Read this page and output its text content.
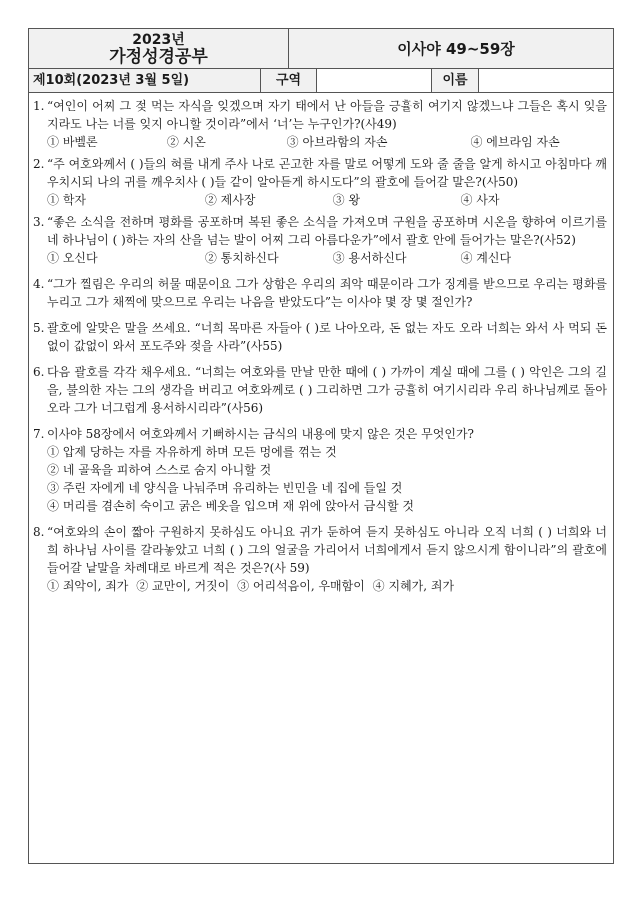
2023년
가정성경공부	이사야 49~59장
제10회(2023년 3월 5일)	구역	이름
1. “여인이 어찌 그 젖 먹는 자식을 잊겠으며 자기 태에서 난 아들을 긍휼히 여기지 않겠느냐 그들은 혹시 잊을지라도 나는 너를 잊지 아니할 것이라”에서 ‘너’는 누구인가?(사49)
① 바벨론	② 시온	③ 아브라함의 자손	④ 에브라임 자손
2. “주 여호와께서 ( )들의 혀를 내게 주사 나로 곤고한 자를 말로 어떻게 도와 줄 줄을 알게 하시고 아침마다 깨우치시되 나의 귀를 깨우치사 ( )들 같이 알아듣게 하시도다”의 괄호에 들어갈 말은?(사50)
① 학자	② 제사장	③ 왕	④ 사자
3. “좋은 소식을 전하며 평화를 공포하며 복된 좋은 소식을 가져오며 구원을 공포하며 시온을 향하여 이르기를 네 하나님이 ( )하는 자의 산을 넘는 발이 어찌 그리 아름다운가”에서 괄호 안에 들어가는 말은?(사52)
① 오신다	② 통치하신다	③ 용서하신다	④ 계신다
4. “그가 찔림은 우리의 허물 때문이요 그가 상함은 우리의 죄악 때문이라 그가 징계를 받으므로 우리는 평화를 누리고 그가 채찍에 맞으므로 우리는 나음을 받았도다”는 이사야 몇 장 몇 절인가?
5. 괄호에 알맞은 말을 쓰세요. “너희 목마른 자들아 ( )로 나아오라, 돈 없는 자도 오라 너희는 와서 사 먹되 돈 없이 값없이 와서 포도주와 젖을 사라”(사55)
6. 다음 괄호를 각각 채우세요. “너희는 여호와를 만날 만한 때에 ( ) 가까이 계실 때에 그를 ( ) 악인은 그의 길을, 불의한 자는 그의 생각을 버리고 여호와께로 ( ) 그리하면 그가 긍휼히 여기시리라 우리 하나님께로 돌아오라 그가 너그럽게 용서하시리라”(사56)
7. 이사야 58장에서 여호와께서 기뻐하시는 금식의 내용에 맞지 않은 것은 무엇인가?
① 압제 당하는 자를 자유하게 하며 모든 멍에를 꺾는 것
② 네 골육을 피하여 스스로 숨지 아니할 것
③ 주린 자에게 네 양식을 나눠주며 유리하는 빈민을 네 집에 들일 것
④ 머리를 겸손히 숙이고 굵은 베옷을 입으며 재 위에 앉아서 금식할 것
8. “여호와의 손이 짧아 구원하지 못하심도 아니요 귀가 둔하여 듣지 못하심도 아니라 오직 너희 ( ) 너희와 너희 하나님 사이를 갈라놓았고 너희 ( ) 그의 얼굴을 가리어서 너희에게서 듣지 않으시게 함이니라”의 괄호에 들어갈 낱말을 차례대로 바르게 적은 것은?(사 59)
① 죄악이, 죄가 ② 교만이, 거짓이 ③ 어리석음이, 우매함이 ④ 지혜가, 죄가
